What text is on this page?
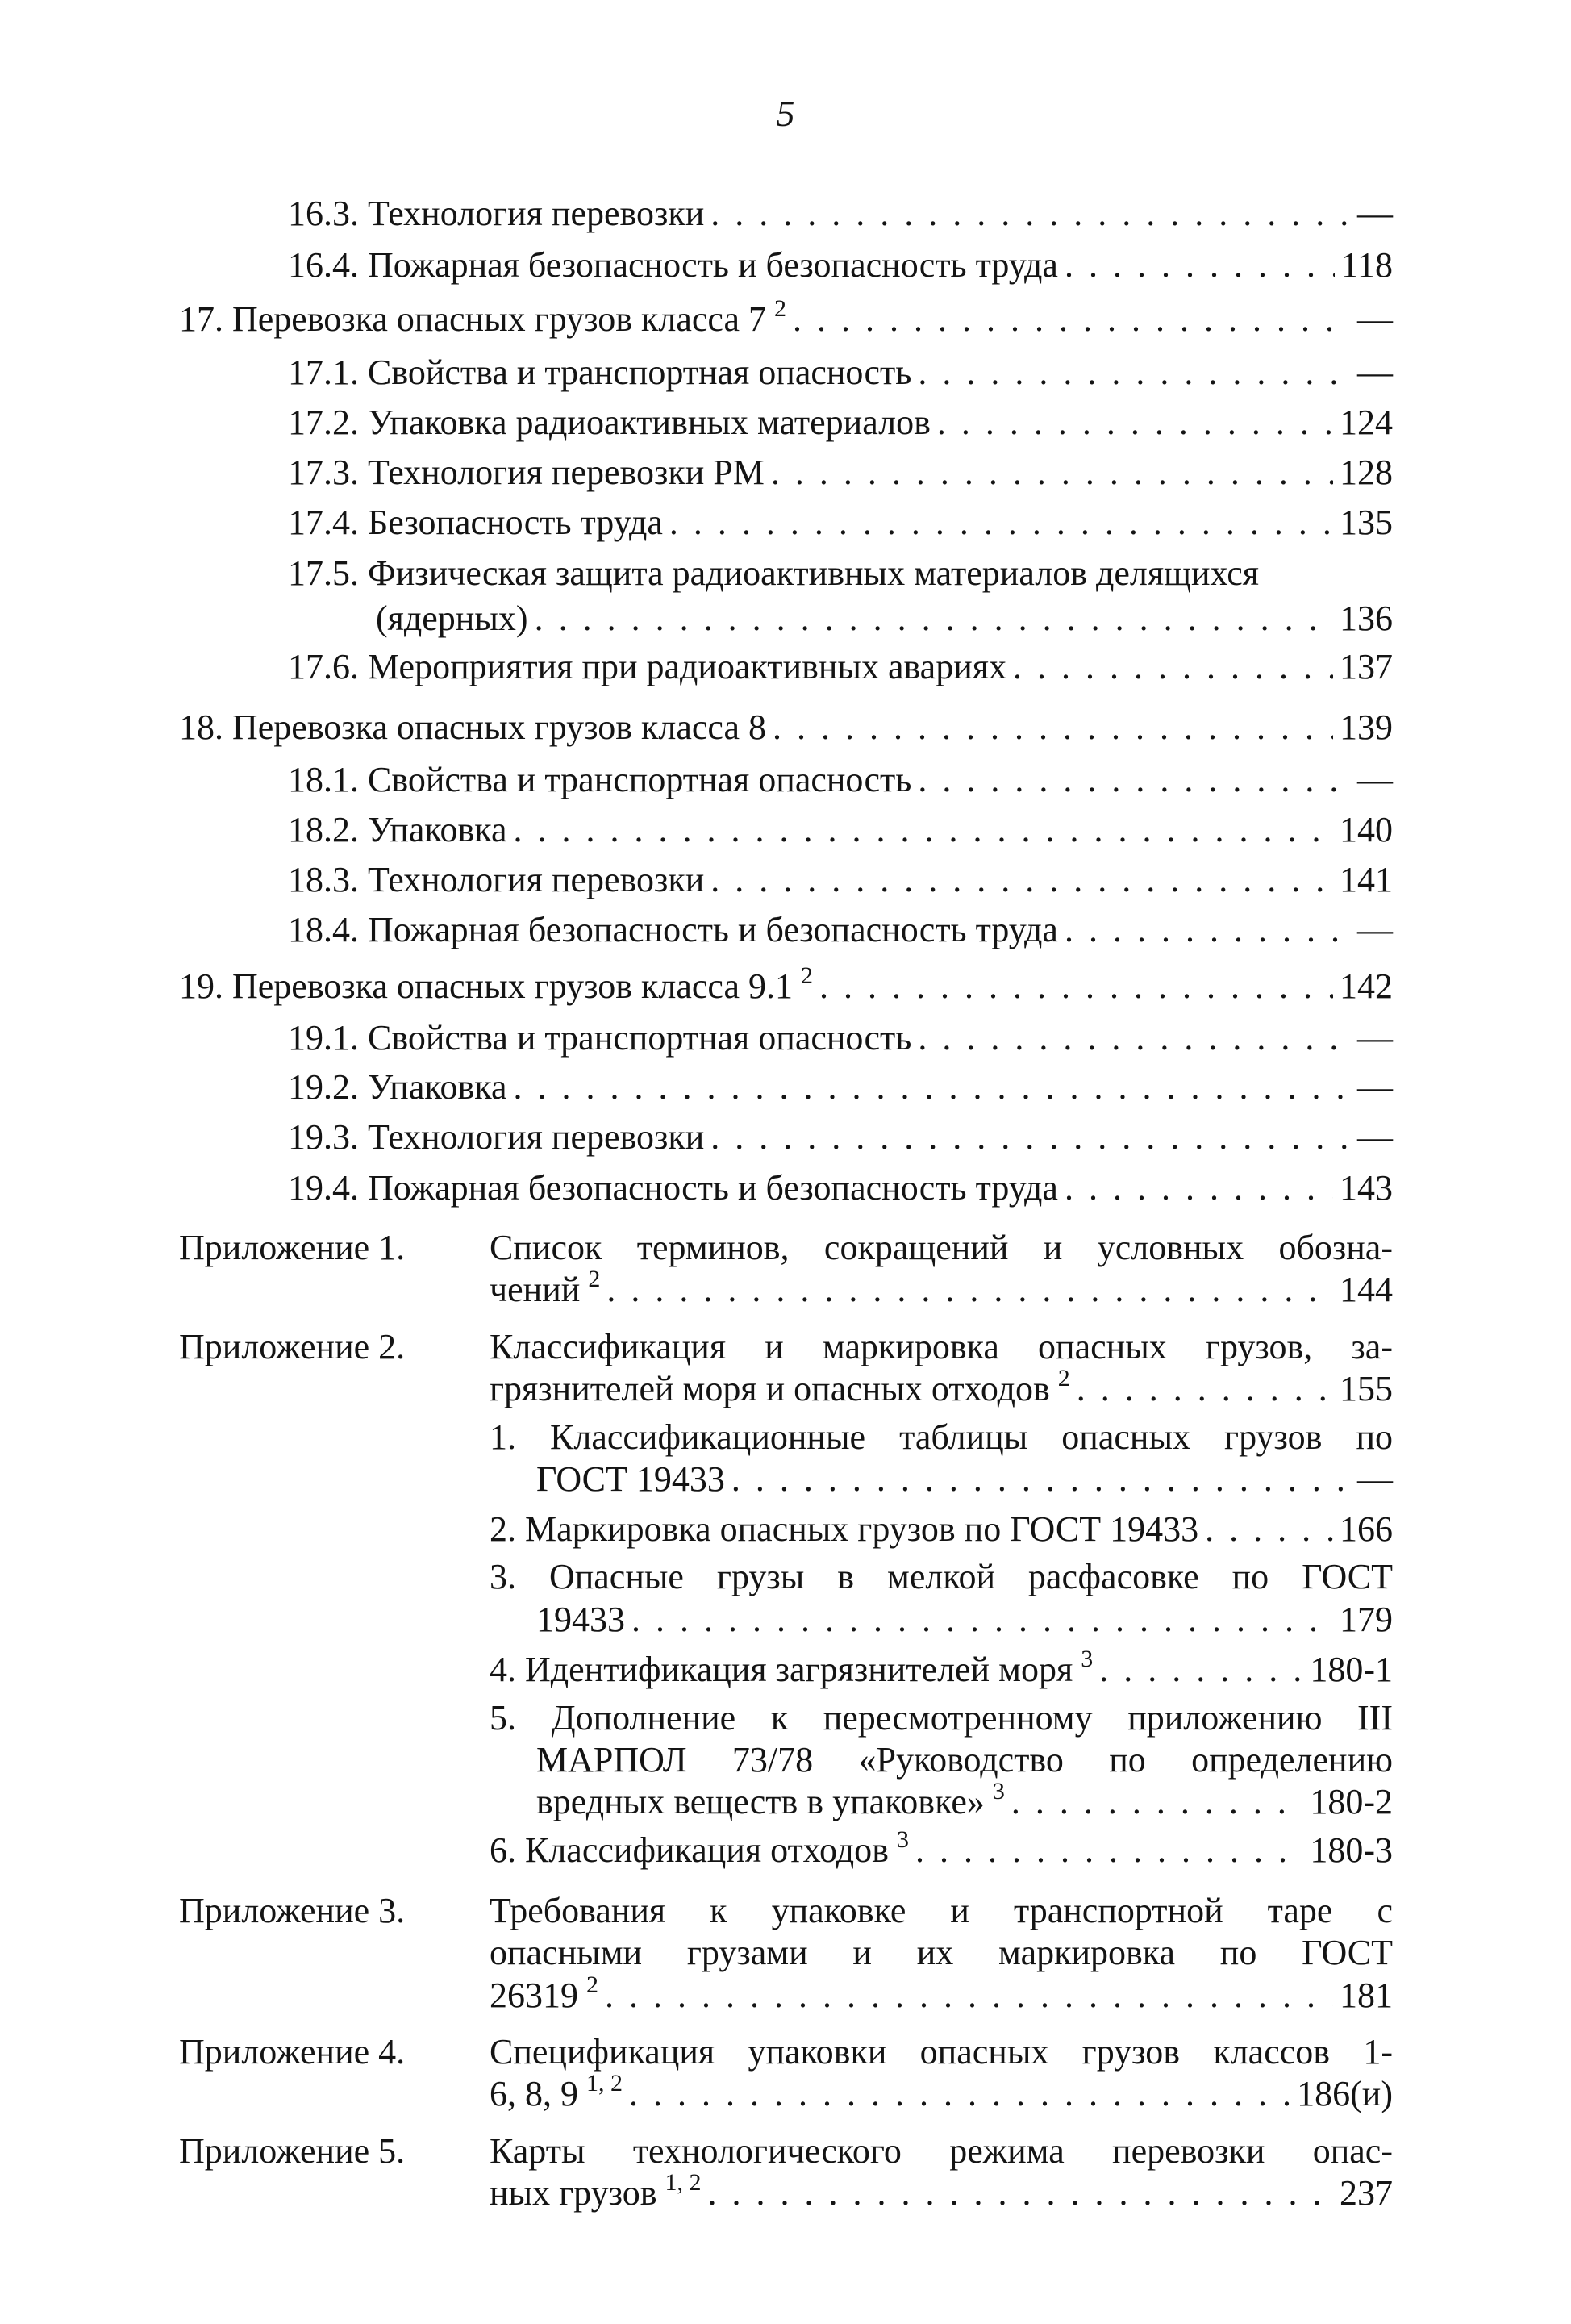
5
16.3. Технология перевозки . . .	—
16.4. Пожарная безопасность и безопасность труда . . .	118
17. Перевозка опасных грузов класса 7 $^2$ . . .	—
17.1. Свойства и транспортная опасность . . .	—
17.2. Упаковка радиоактивных материалов . . .	124
17.3. Технология перевозки РМ . . .	128
17.4. Безопасность труда . . .	135
17.5. Физическая защита радиоактивных материалов делящихся
(ядерных) . . .	136
17.6. Мероприятия при радиоактивных авариях . . .	137
18. Перевозка опасных грузов класса 8 . . .	139
18.1. Свойства и транспортная опасность . . .	—
18.2. Упаковка . . .	140
18.3. Технология перевозки . . .	141
18.4. Пожарная безопасность и безопасность труда . . .	—
19. Перевозка опасных грузов класса 9.1 $^2$ . . .	142
19.1. Свойства и транспортная опасность . . .	—
19.2. Упаковка . . .	—
19.3. Технология перевозки . . .	—
19.4. Пожарная безопасность и безопасность труда . . .	143
Приложение 1. Список терминов, сокращений и условных обозна-
чений $^2$ . . .	144
Приложение 2. Классификация и маркировка опасных грузов, за-
грязнителей моря и опасных отходов $^2$ . . .	155
1. Классификационные таблицы опасных грузов по
ГОСТ 19433 . . .	—
2. Маркировка опасных грузов по ГОСТ 19433 . . .	166
3. Опасные грузы в мелкой расфасовке по ГОСТ
19433 . . .	179
4. Идентификация загрязнителей моря $^3$ . . .	180-1
5. Дополнение к пересмотренному приложению III
МАРПОЛ 73/78 «Руководство по определению
вредных веществ в упаковке» $^3$ . . .	180-2
6. Классификация отходов $^3$ . . .	180-3
Приложение 3. Требования к упаковке и транспортной таре с
опасными грузами и их маркировка по ГОСТ
26319 $^2$ . . .	181
Приложение 4. Спецификация упаковки опасных грузов классов 1-
6, 8, 9 $^{1, 2}$ . . .	186(и)
Приложение 5. Карты технологического режима перевозки опас-
ных грузов $^{1, 2}$ . . .	237
